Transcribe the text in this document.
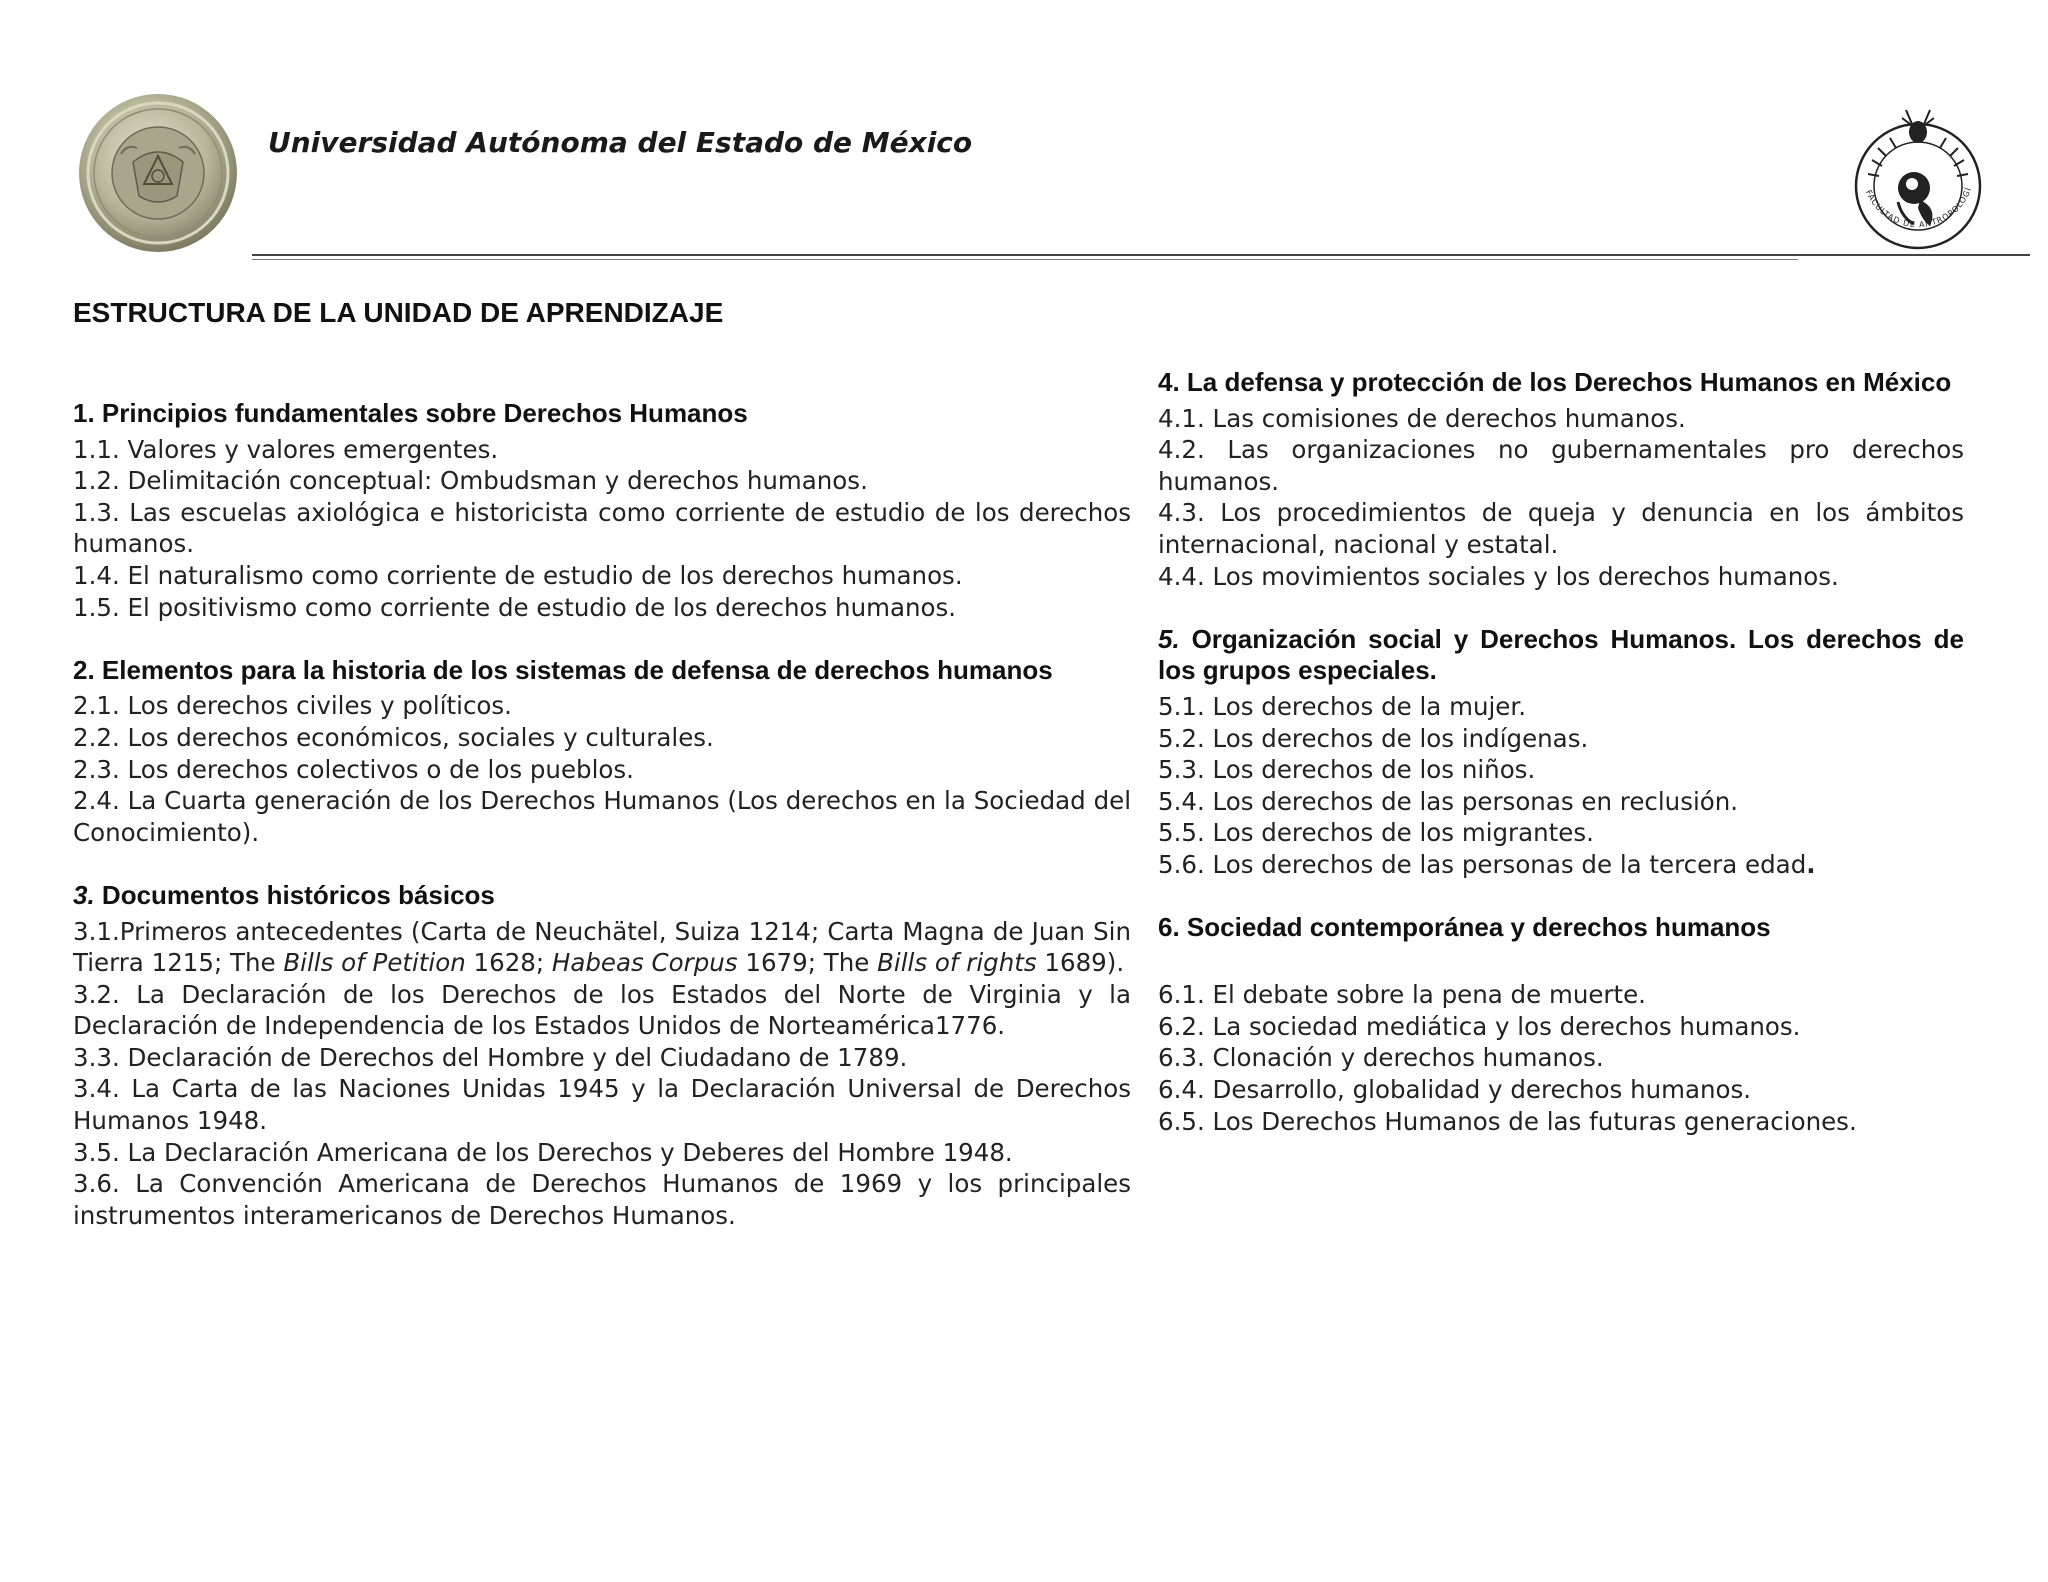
Universidad Autónoma del Estado de México
FACULTAD DE ANTROPOLOGÍ
ESTRUCTURA DE LA UNIDAD DE APRENDIZAJE
1. Principios fundamentales sobre Derechos Humanos

1.1. Valores y valores emergentes.

1.2. Delimitación conceptual: Ombudsman y derechos humanos.

1.3. Las escuelas axiológica e historicista como corriente de estudio de los derechos humanos.

1.4. El naturalismo como corriente de estudio de los derechos humanos.

1.5. El positivismo como corriente de estudio de los derechos humanos.

2. Elementos para la historia de los sistemas de defensa de derechos humanos

2.1. Los derechos civiles y políticos.

2.2. Los derechos económicos, sociales y culturales.

2.3. Los derechos colectivos o de los pueblos.

2.4. La Cuarta generación de los Derechos Humanos (Los derechos en la Sociedad del Conocimiento).

3. Documentos históricos básicos

3.1.Primeros antecedentes (Carta de Neuchätel, Suiza 1214; Carta Magna de Juan Sin Tierra 1215; The Bills of Petition 1628; Habeas Corpus 1679; The Bills of rights 1689).

3.2. La Declaración de los Derechos de los Estados del Norte de Virginia y la Declaración de Independencia de los Estados Unidos de Norteamérica1776.

3.3. Declaración de Derechos del Hombre y del Ciudadano de 1789.

3.4. La Carta de las Naciones Unidas 1945 y la Declaración Universal de Derechos Humanos 1948.

3.5. La Declaración Americana de los Derechos y Deberes del Hombre 1948.

3.6. La Convención Americana de Derechos Humanos de 1969 y los principales instrumentos interamericanos de Derechos Humanos.

4. La defensa y protección de los Derechos Humanos en México

4.1. Las comisiones de derechos humanos.

4.2. Las organizaciones no gubernamentales pro derechos humanos.

4.3. Los procedimientos de queja y denuncia en los ámbitos internacional, nacional y estatal.

4.4. Los movimientos sociales y los derechos humanos.

5. Organización social y Derechos Humanos. Los derechos de los grupos especiales.

5.1. Los derechos de la mujer.

5.2. Los derechos de los indígenas.

5.3. Los derechos de los niños.

5.4. Los derechos de las personas en reclusión.

5.5. Los derechos de los migrantes.

5.6. Los derechos de las personas de la tercera edad.

6. Sociedad contemporánea y derechos humanos

6.1. El debate sobre la pena de muerte.

6.2. La sociedad mediática y los derechos humanos.

6.3. Clonación y derechos humanos.

6.4. Desarrollo, globalidad y derechos humanos.

6.5. Los Derechos Humanos de las futuras generaciones.
